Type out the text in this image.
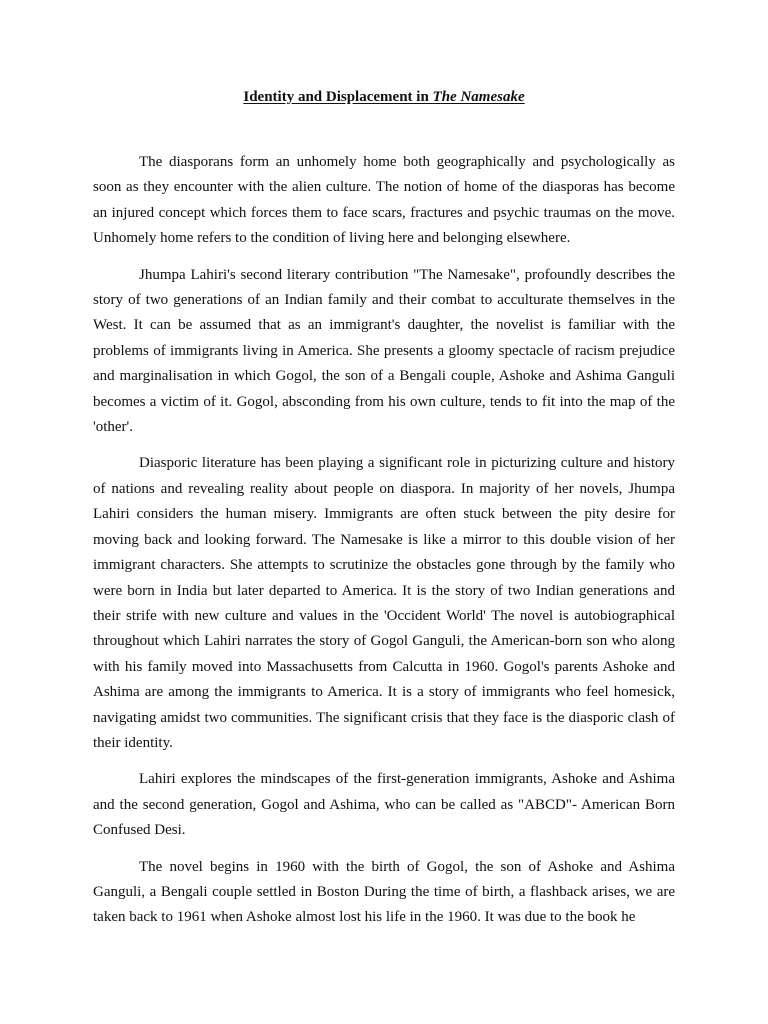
Identity and Displacement in The Namesake

The diasporans form an unhomely home both geographically and psychologically as soon as they encounter with the alien culture. The notion of home of the diasporas has become an injured concept which forces them to face scars, fractures and psychic traumas on the move. Unhomely home refers to the condition of living here and belonging elsewhere.

Jhumpa Lahiri's second literary contribution "The Namesake", profoundly describes the story of two generations of an Indian family and their combat to acculturate themselves in the West. It can be assumed that as an immigrant's daughter, the novelist is familiar with the problems of immigrants living in America. She presents a gloomy spectacle of racism prejudice and marginalisation in which Gogol, the son of a Bengali couple, Ashoke and Ashima Ganguli becomes a victim of it. Gogol, absconding from his own culture, tends to fit into the map of the 'other'.

Diasporic literature has been playing a significant role in picturizing culture and history of nations and revealing reality about people on diaspora. In majority of her novels, Jhumpa Lahiri considers the human misery. Immigrants are often stuck between the pity desire for moving back and looking forward. The Namesake is like a mirror to this double vision of her immigrant characters. She attempts to scrutinize the obstacles gone through by the family who were born in India but later departed to America. It is the story of two Indian generations and their strife with new culture and values in the 'Occident World' The novel is autobiographical throughout which Lahiri narrates the story of Gogol Ganguli, the American-born son who along with his family moved into Massachusetts from Calcutta in 1960. Gogol's parents Ashoke and Ashima are among the immigrants to America. It is a story of immigrants who feel homesick, navigating amidst two communities. The significant crisis that they face is the diasporic clash of their identity.

Lahiri explores the mindscapes of the first-generation immigrants, Ashoke and Ashima and the second generation, Gogol and Ashima, who can be called as "ABCD"- American Born Confused Desi.

The novel begins in 1960 with the birth of Gogol, the son of Ashoke and Ashima Ganguli, a Bengali couple settled in Boston During the time of birth, a flashback arises, we are taken back to 1961 when Ashoke almost lost his life in the 1960. It was due to the book he
